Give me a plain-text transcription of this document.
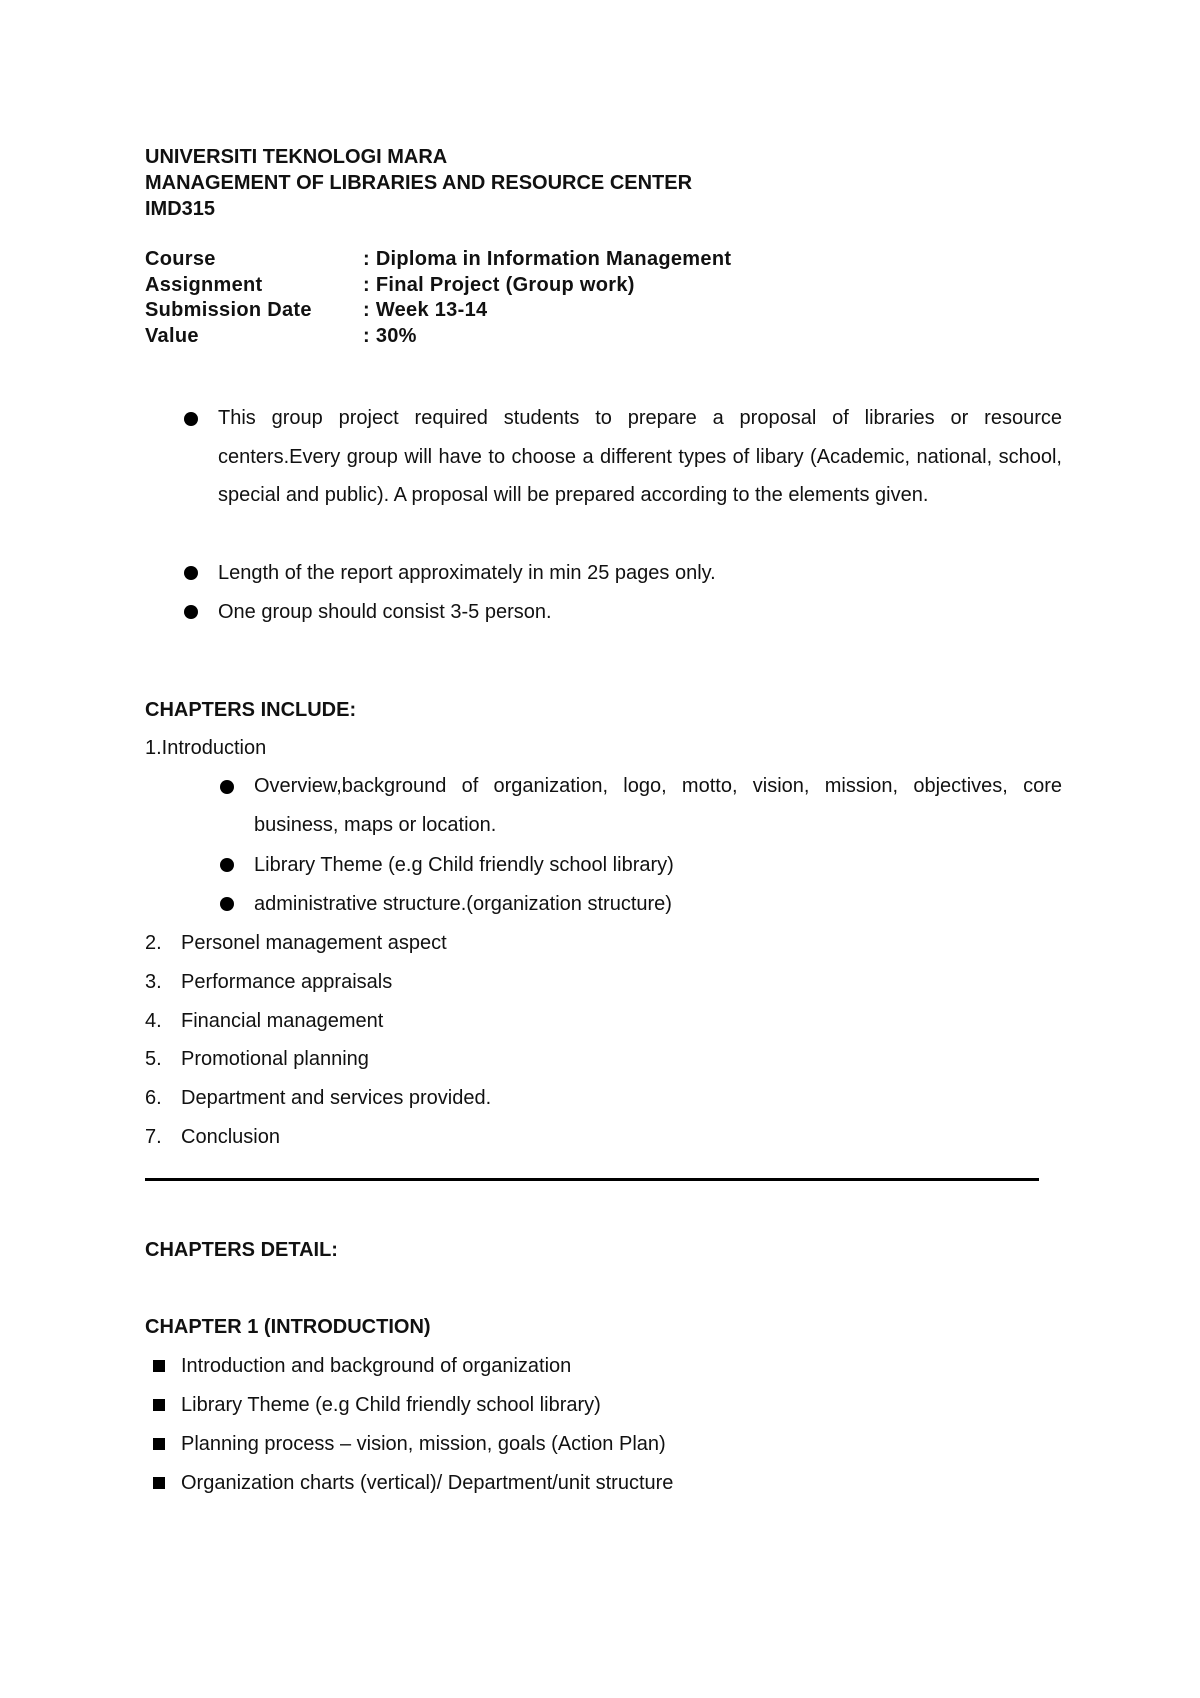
UNIVERSITI TEKNOLOGI MARA
MANAGEMENT OF LIBRARIES AND RESOURCE CENTER
IMD315
Course	: Diploma in Information Management
Assignment	: Final Project (Group work)
Submission Date	: Week 13-14
Value	: 30%
This group project required students to prepare a proposal of libraries or resource centers.Every group will have to choose a different types of libary (Academic, national, school, special and public). A proposal will be prepared according to the elements given.
Length of the report approximately in min 25 pages only.
One group should consist 3-5 person.
CHAPTERS INCLUDE:
1.Introduction
Overview,background of organization, logo, motto, vision, mission, objectives, core business, maps or location.
Library Theme (e.g Child friendly school library)
administrative structure.(organization structure)
2. Personel management aspect
3. Performance appraisals
4. Financial management
5. Promotional planning
6. Department and services provided.
7. Conclusion
CHAPTERS DETAIL:
CHAPTER 1 (INTRODUCTION)
Introduction and background of organization
Library Theme (e.g Child friendly school library)
Planning process – vision, mission, goals (Action Plan)
Organization charts (vertical)/ Department/unit structure
